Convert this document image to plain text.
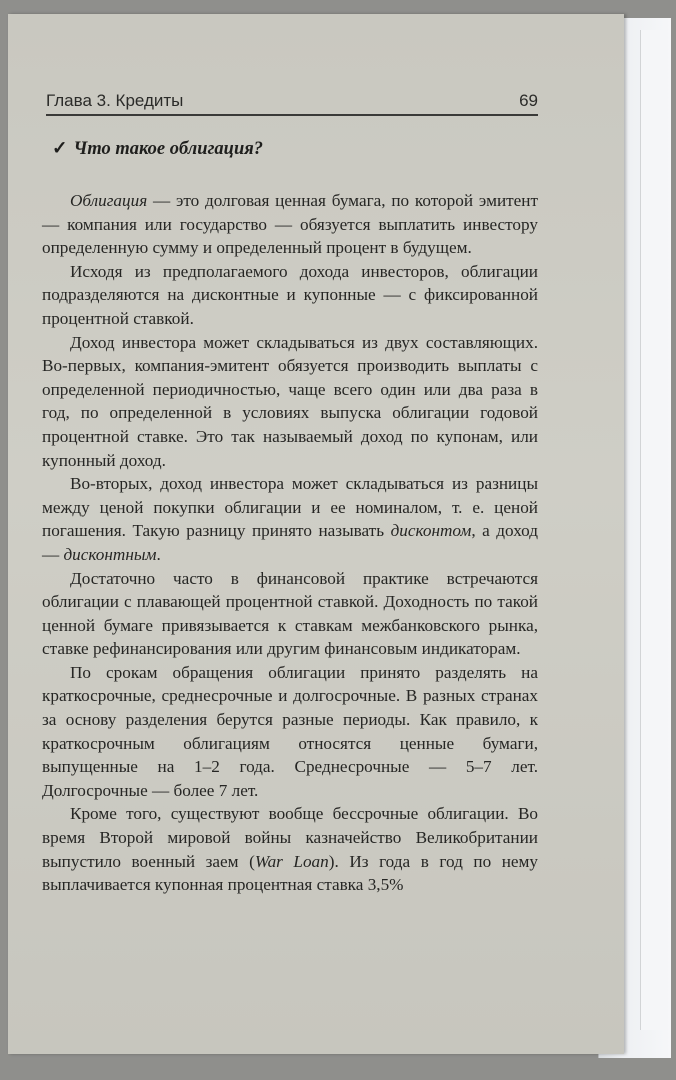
Глава 3. Кредиты	69
✓ Что такое облигация?

Облигация — это долговая ценная бумага, по которой эмитент — компания или государство — обязуется выплатить инвестору определенную сумму и определенный процент в будущем.

Исходя из предполагаемого дохода инвесторов, облигации подразделяются на дисконтные и купонные — с фиксированной процентной ставкой.

Доход инвестора может складываться из двух составляющих. Во-первых, компания-эмитент обязуется производить выплаты с определенной периодичностью, чаще всего один или два раза в год, по определенной в условиях выпуска облигации годовой процентной ставке. Это так называемый доход по купонам, или купонный доход.

Во-вторых, доход инвестора может складываться из разницы между ценой покупки облигации и ее номиналом, т. е. ценой погашения. Такую разницу принято называть дисконтом, а доход — дисконтным.

Достаточно часто в финансовой практике встречаются облигации с плавающей процентной ставкой. Доходность по такой ценной бумаге привязывается к ставкам межбанковского рынка, ставке рефинансирования или другим финансовым индикаторам.

По срокам обращения облигации принято разделять на краткосрочные, среднесрочные и долгосрочные. В разных странах за основу разделения берутся разные периоды. Как правило, к краткосрочным облигациям относятся ценные бумаги, выпущенные на 1–2 года. Среднесрочные — 5–7 лет. Долгосрочные — более 7 лет.

Кроме того, существуют вообще бессрочные облигации. Во время Второй мировой войны казначейство Великобритании выпустило военный заем (War Loan). Из года в год по нему выплачивается купонная процентная ставка 3,5%
